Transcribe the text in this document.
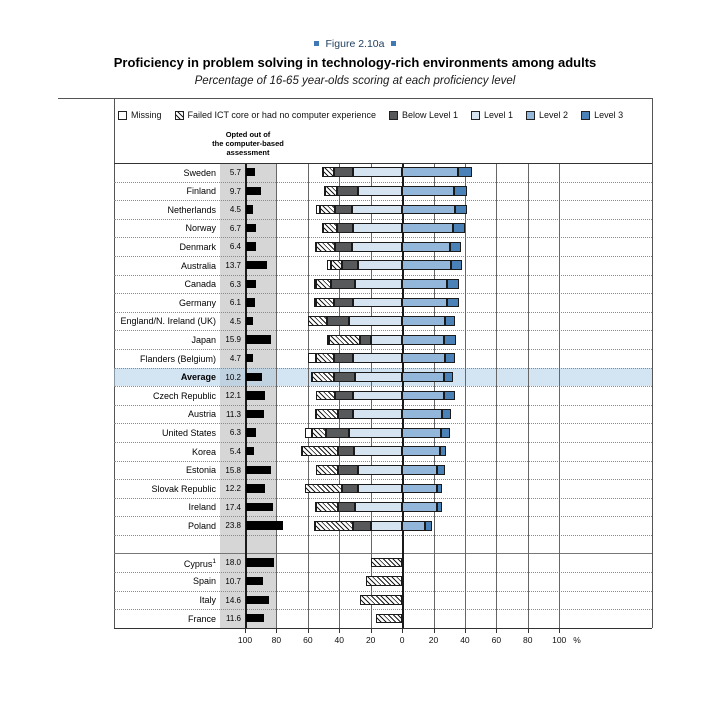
Figure 2.10a
Proficiency in problem solving in technology-rich environments among adults
Percentage of 16-65 year-olds scoring at each proficiency level
Missing	Failed ICT core or had no computer experience	Below Level 1	Level 1	Level 2	Level 3
Opted out of
the computer-based
assessment
Sweden	5.7
Finland	9.7
Netherlands	4.5
Norway	6.7
Denmark	6.4
Australia	13.7
Canada	6.3
Germany	6.1
England/N. Ireland (UK)	4.5
Japan	15.9
Flanders (Belgium)	4.7
Average	10.2
Czech Republic	12.1
Austria	11.3
United States	6.3
Korea	5.4
Estonia	15.8
Slovak Republic	12.2
Ireland	17.4
Poland	23.8
Cyprus$^1$	18.0
Spain	10.7
Italy	14.6
France	11.6
100	80	60	40	20	0	20	40	60	80	100 %
